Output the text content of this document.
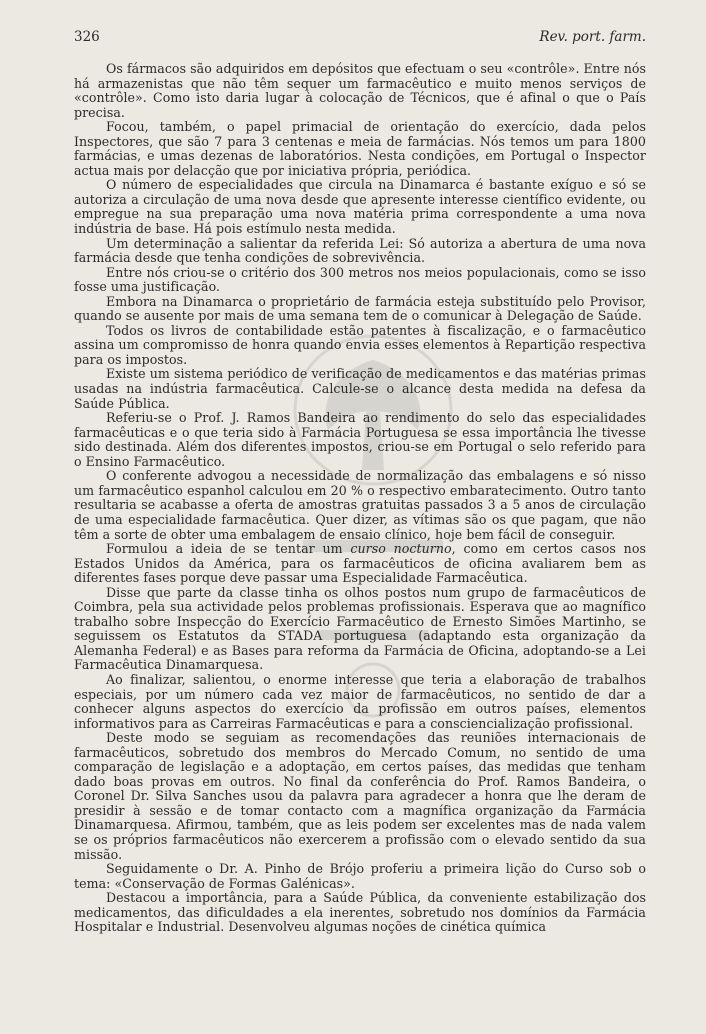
326	Rev. port. farm.

Os fármacos são adquiridos em depósitos que efectuam o seu «contrôle». Entre nós há armazenistas que não têm sequer um farmacêutico e muito menos serviços de «contrôle». Como isto daria lugar à colocação de Técnicos, que é afinal o que o País precisa.

Focou, também, o papel primacial de orientação do exercício, dada pelos Inspectores, que são 7 para 3 centenas e meia de farmácias. Nós temos um para 1800 farmácias, e umas dezenas de laboratórios. Nesta condições, em Portugal o Inspector actua mais por delacção que por iniciativa própria, periódica.

O número de especialidades que circula na Dinamarca é bastante exíguo e só se autoriza a circulação de uma nova desde que apresente interesse científico evidente, ou empregue na sua preparação uma nova matéria prima correspondente a uma nova indústria de base. Há pois estímulo nesta medida.

Um determinação a salientar da referida Lei: Só autoriza a abertura de uma nova farmácia desde que tenha condições de sobrevivência.

Entre nós criou-se o critério dos 300 metros nos meios populacionais, como se isso fosse uma justificação.

Embora na Dinamarca o proprietário de farmácia esteja substituído pelo Provisor, quando se ausente por mais de uma semana tem de o comunicar à Delegação de Saúde.

Todos os livros de contabilidade estão patentes à fiscalização, e o farmacêutico assina um compromisso de honra quando envia esses elementos à Repartição respectiva para os impostos.

Existe um sistema periódico de verificação de medicamentos e das matérias primas usadas na indústria farmacêutica. Calcule-se o alcance desta medida na defesa da Saúde Pública.

Referiu-se o Prof. J. Ramos Bandeira ao rendimento do selo das especialidades farmacêuticas e o que teria sido à Farmácia Portuguesa se essa importância lhe tivesse sido destinada. Além dos diferentes impostos, criou-se em Portugal o selo referido para o Ensino Farmacêutico.

O conferente advogou a necessidade de normalização das embalagens e só nisso um farmacêutico espanhol calculou em 20 % o respectivo embaratecimento. Outro tanto resultaria se acabasse a oferta de amostras gratuitas passados 3 a 5 anos de circulação de uma especialidade farmacêutica. Quer dizer, as vítimas são os que pagam, que não têm a sorte de obter uma embalagem de ensaio clínico, hoje bem fácil de conseguir.

Formulou a ideia de se tentar um curso nocturno, como em certos casos nos Estados Unidos da América, para os farmacêuticos de oficina avaliarem bem as diferentes fases porque deve passar uma Especialidade Farmacêutica.

Disse que parte da classe tinha os olhos postos num grupo de farmacêuticos de Coimbra, pela sua actividade pelos problemas profissionais. Esperava que ao magnífico trabalho sobre Inspecção do Exercício Farmacêutico de Ernesto Simões Martinho, se seguissem os Estatutos da STADA portuguesa (adaptando esta organização da Alemanha Federal) e as Bases para reforma da Farmácia de Oficina, adoptando-se a Lei Farmacêutica Dinamarquesa.

Ao finalizar, salientou, o enorme interesse que teria a elaboração de trabalhos especiais, por um número cada vez maior de farmacêuticos, no sentido de dar a conhecer alguns aspectos do exercício da profissão em outros países, elementos informativos para as Carreiras Farmacêuticas e para a consciencialização profissional.

Deste modo se seguiam as recomendações das reuniões internacionais de farmacêuticos, sobretudo dos membros do Mercado Comum, no sentido de uma comparação de legislação e a adoptação, em certos países, das medidas que tenham dado boas provas em outros. No final da conferência do Prof. Ramos Bandeira, o Coronel Dr. Silva Sanches usou da palavra para agradecer a honra que lhe deram de presidir à sessão e de tomar contacto com a magnífica organização da Farmácia Dinamarquesa. Afirmou, também, que as leis podem ser excelentes mas de nada valem se os próprios farmacêuticos não exercerem a profissão com o elevado sentido da sua missão.

Seguidamente o Dr. A. Pinho de Brójo proferiu a primeira lição do Curso sob o tema: «Conservação de Formas Galénicas».

Destacou a importância, para a Saúde Pública, da conveniente estabilização dos medicamentos, das dificuldades a ela inerentes, sobretudo nos domínios da Farmácia Hospitalar e Industrial. Desenvolveu algumas noções de cinética química
